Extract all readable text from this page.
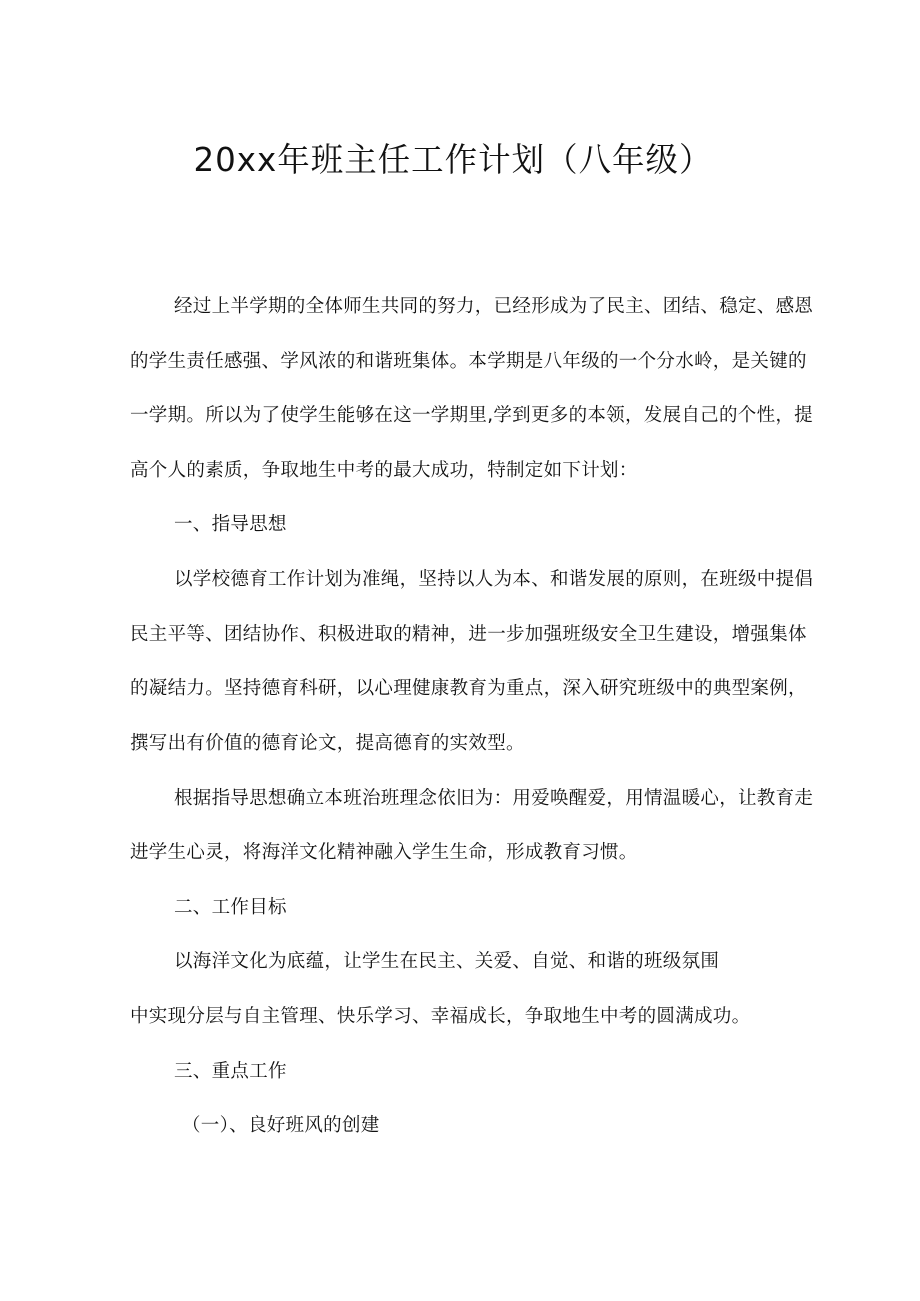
20xx年班主任工作计划（八年级）

经过上半学期的全体师生共同的努力，已经形成为了民主、团结、稳定、感恩

的学生责任感强、学风浓的和谐班集体。本学期是八年级的一个分水岭，是关键的

一学期。所以为了使学生能够在这一学期里,学到更多的本领，发展自己的个性，提

高个人的素质，争取地生中考的最大成功，特制定如下计划：

一、指导思想

以学校德育工作计划为准绳，坚持以人为本、和谐发展的原则，在班级中提倡

民主平等、团结协作、积极进取的精神，进一步加强班级安全卫生建设，增强集体

的凝结力。坚持德育科研，以心理健康教育为重点，深入研究班级中的典型案例，

撰写出有价值的德育论文，提高德育的实效型。

根据指导思想确立本班治班理念依旧为：用爱唤醒爱，用情温暖心，让教育走

进学生心灵，将海洋文化精神融入学生生命，形成教育习惯。

二、工作目标

以海洋文化为底蕴，让学生在民主、关爱、自觉、和谐的班级氛围

中实现分层与自主管理、快乐学习、幸福成长，争取地生中考的圆满成功。

三、重点工作

（一）、良好班风的创建
